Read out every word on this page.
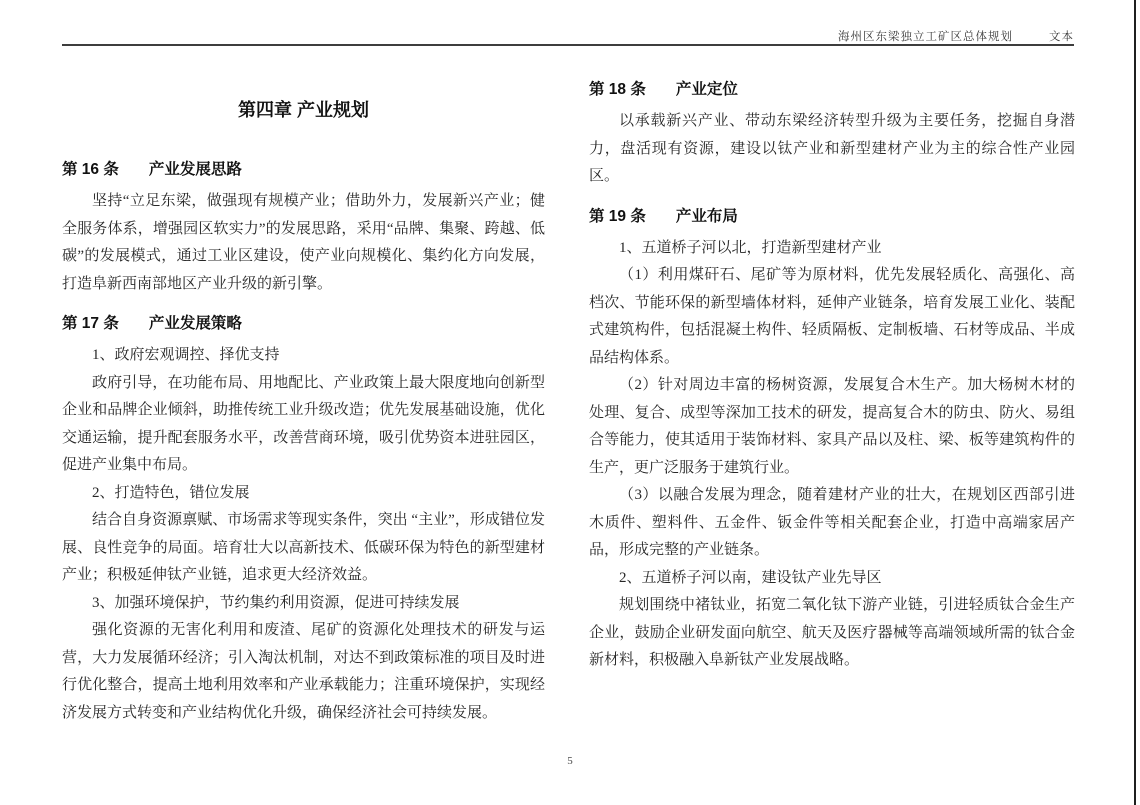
海州区东梁独立工矿区总体规划	文本
第四章 产业规划
第 16 条 产业发展思路

坚持“立足东梁，做强现有规模产业；借助外力，发展新兴产业；健全服务体系，增强园区软实力”的发展思路，采用“品牌、集聚、跨越、低碳”的发展模式，通过工业区建设，使产业向规模化、集约化方向发展，打造阜新西南部地区产业升级的新引擎。

第 17 条 产业发展策略

1、政府宏观调控、择优支持

政府引导，在功能布局、用地配比、产业政策上最大限度地向创新型企业和品牌企业倾斜，助推传统工业升级改造；优先发展基础设施，优化交通运输，提升配套服务水平，改善营商环境，吸引优势资本进驻园区，促进产业集中布局。

2、打造特色，错位发展

结合自身资源禀赋、市场需求等现实条件，突出 “主业”，形成错位发展、良性竞争的局面。培育壮大以高新技术、低碳环保为特色的新型建材产业；积极延伸钛产业链，追求更大经济效益。

3、加强环境保护，节约集约利用资源，促进可持续发展

强化资源的无害化利用和废渣、尾矿的资源化处理技术的研发与运营，大力发展循环经济；引入淘汰机制，对达不到政策标准的项目及时进行优化整合，提高土地利用效率和产业承载能力；注重环境保护，实现经济发展方式转变和产业结构优化升级，确保经济社会可持续发展。

第 18 条 产业定位

以承载新兴产业、带动东梁经济转型升级为主要任务，挖掘自身潜力，盘活现有资源，建设以钛产业和新型建材产业为主的综合性产业园区。

第 19 条 产业布局

1、五道桥子河以北，打造新型建材产业

（1）利用煤矸石、尾矿等为原材料，优先发展轻质化、高强化、高档次、节能环保的新型墙体材料，延伸产业链条，培育发展工业化、装配式建筑构件，包括混凝土构件、轻质隔板、定制板墙、石材等成品、半成品结构体系。

（2）针对周边丰富的杨树资源，发展复合木生产。加大杨树木材的处理、复合、成型等深加工技术的研发，提高复合木的防虫、防火、易组合等能力，使其适用于装饰材料、家具产品以及柱、梁、板等建筑构件的生产，更广泛服务于建筑行业。

（3）以融合发展为理念，随着建材产业的壮大，在规划区西部引进木质件、塑料件、五金件、钣金件等相关配套企业，打造中高端家居产品，形成完整的产业链条。

2、五道桥子河以南，建设钛产业先导区

规划围绕中褚钛业，拓宽二氧化钛下游产业链，引进轻质钛合金生产企业，鼓励企业研发面向航空、航天及医疗器械等高端领域所需的钛合金新材料，积极融入阜新钛产业发展战略。

5
